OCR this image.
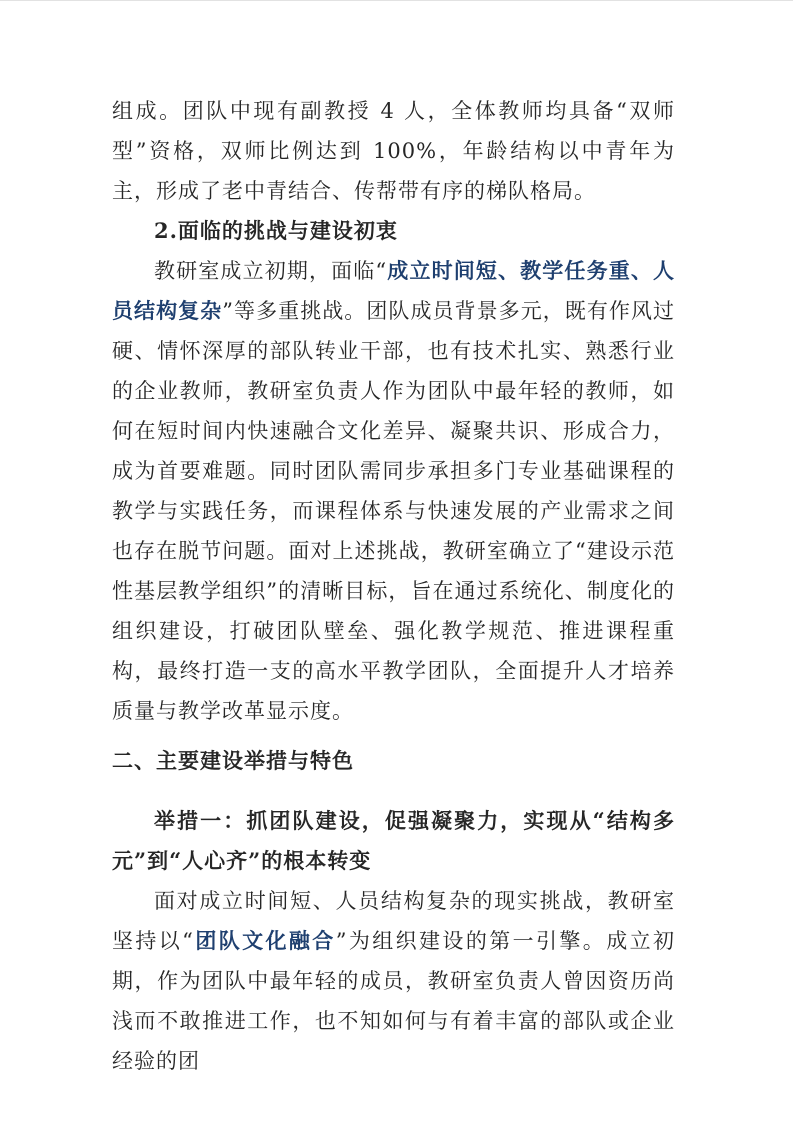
组成。团队中现有副教授 4 人，全体教师均具备“双师型”资格，双师比例达到 100%，年龄结构以中青年为主，形成了老中青结合、传帮带有序的梯队格局。

2.面临的挑战与建设初衷

教研室成立初期，面临“成立时间短、教学任务重、人员结构复杂”等多重挑战。团队成员背景多元，既有作风过硬、情怀深厚的部队转业干部，也有技术扎实、熟悉行业的企业教师，教研室负责人作为团队中最年轻的教师，如何在短时间内快速融合文化差异、凝聚共识、形成合力，成为首要难题。同时团队需同步承担多门专业基础课程的教学与实践任务，而课程体系与快速发展的产业需求之间也存在脱节问题。面对上述挑战，教研室确立了“建设示范性基层教学组织”的清晰目标，旨在通过系统化、制度化的组织建设，打破团队壁垒、强化教学规范、推进课程重构，最终打造一支的高水平教学团队，全面提升人才培养质量与教学改革显示度。

二、主要建设举措与特色

举措一：抓团队建设，促强凝聚力，实现从“结构多元”到“人心齐”的根本转变

面对成立时间短、人员结构复杂的现实挑战，教研室坚持以“团队文化融合”为组织建设的第一引擎。成立初期，作为团队中最年轻的成员，教研室负责人曾因资历尚浅而不敢推进工作，也不知如何与有着丰富的部队或企业经验的团
